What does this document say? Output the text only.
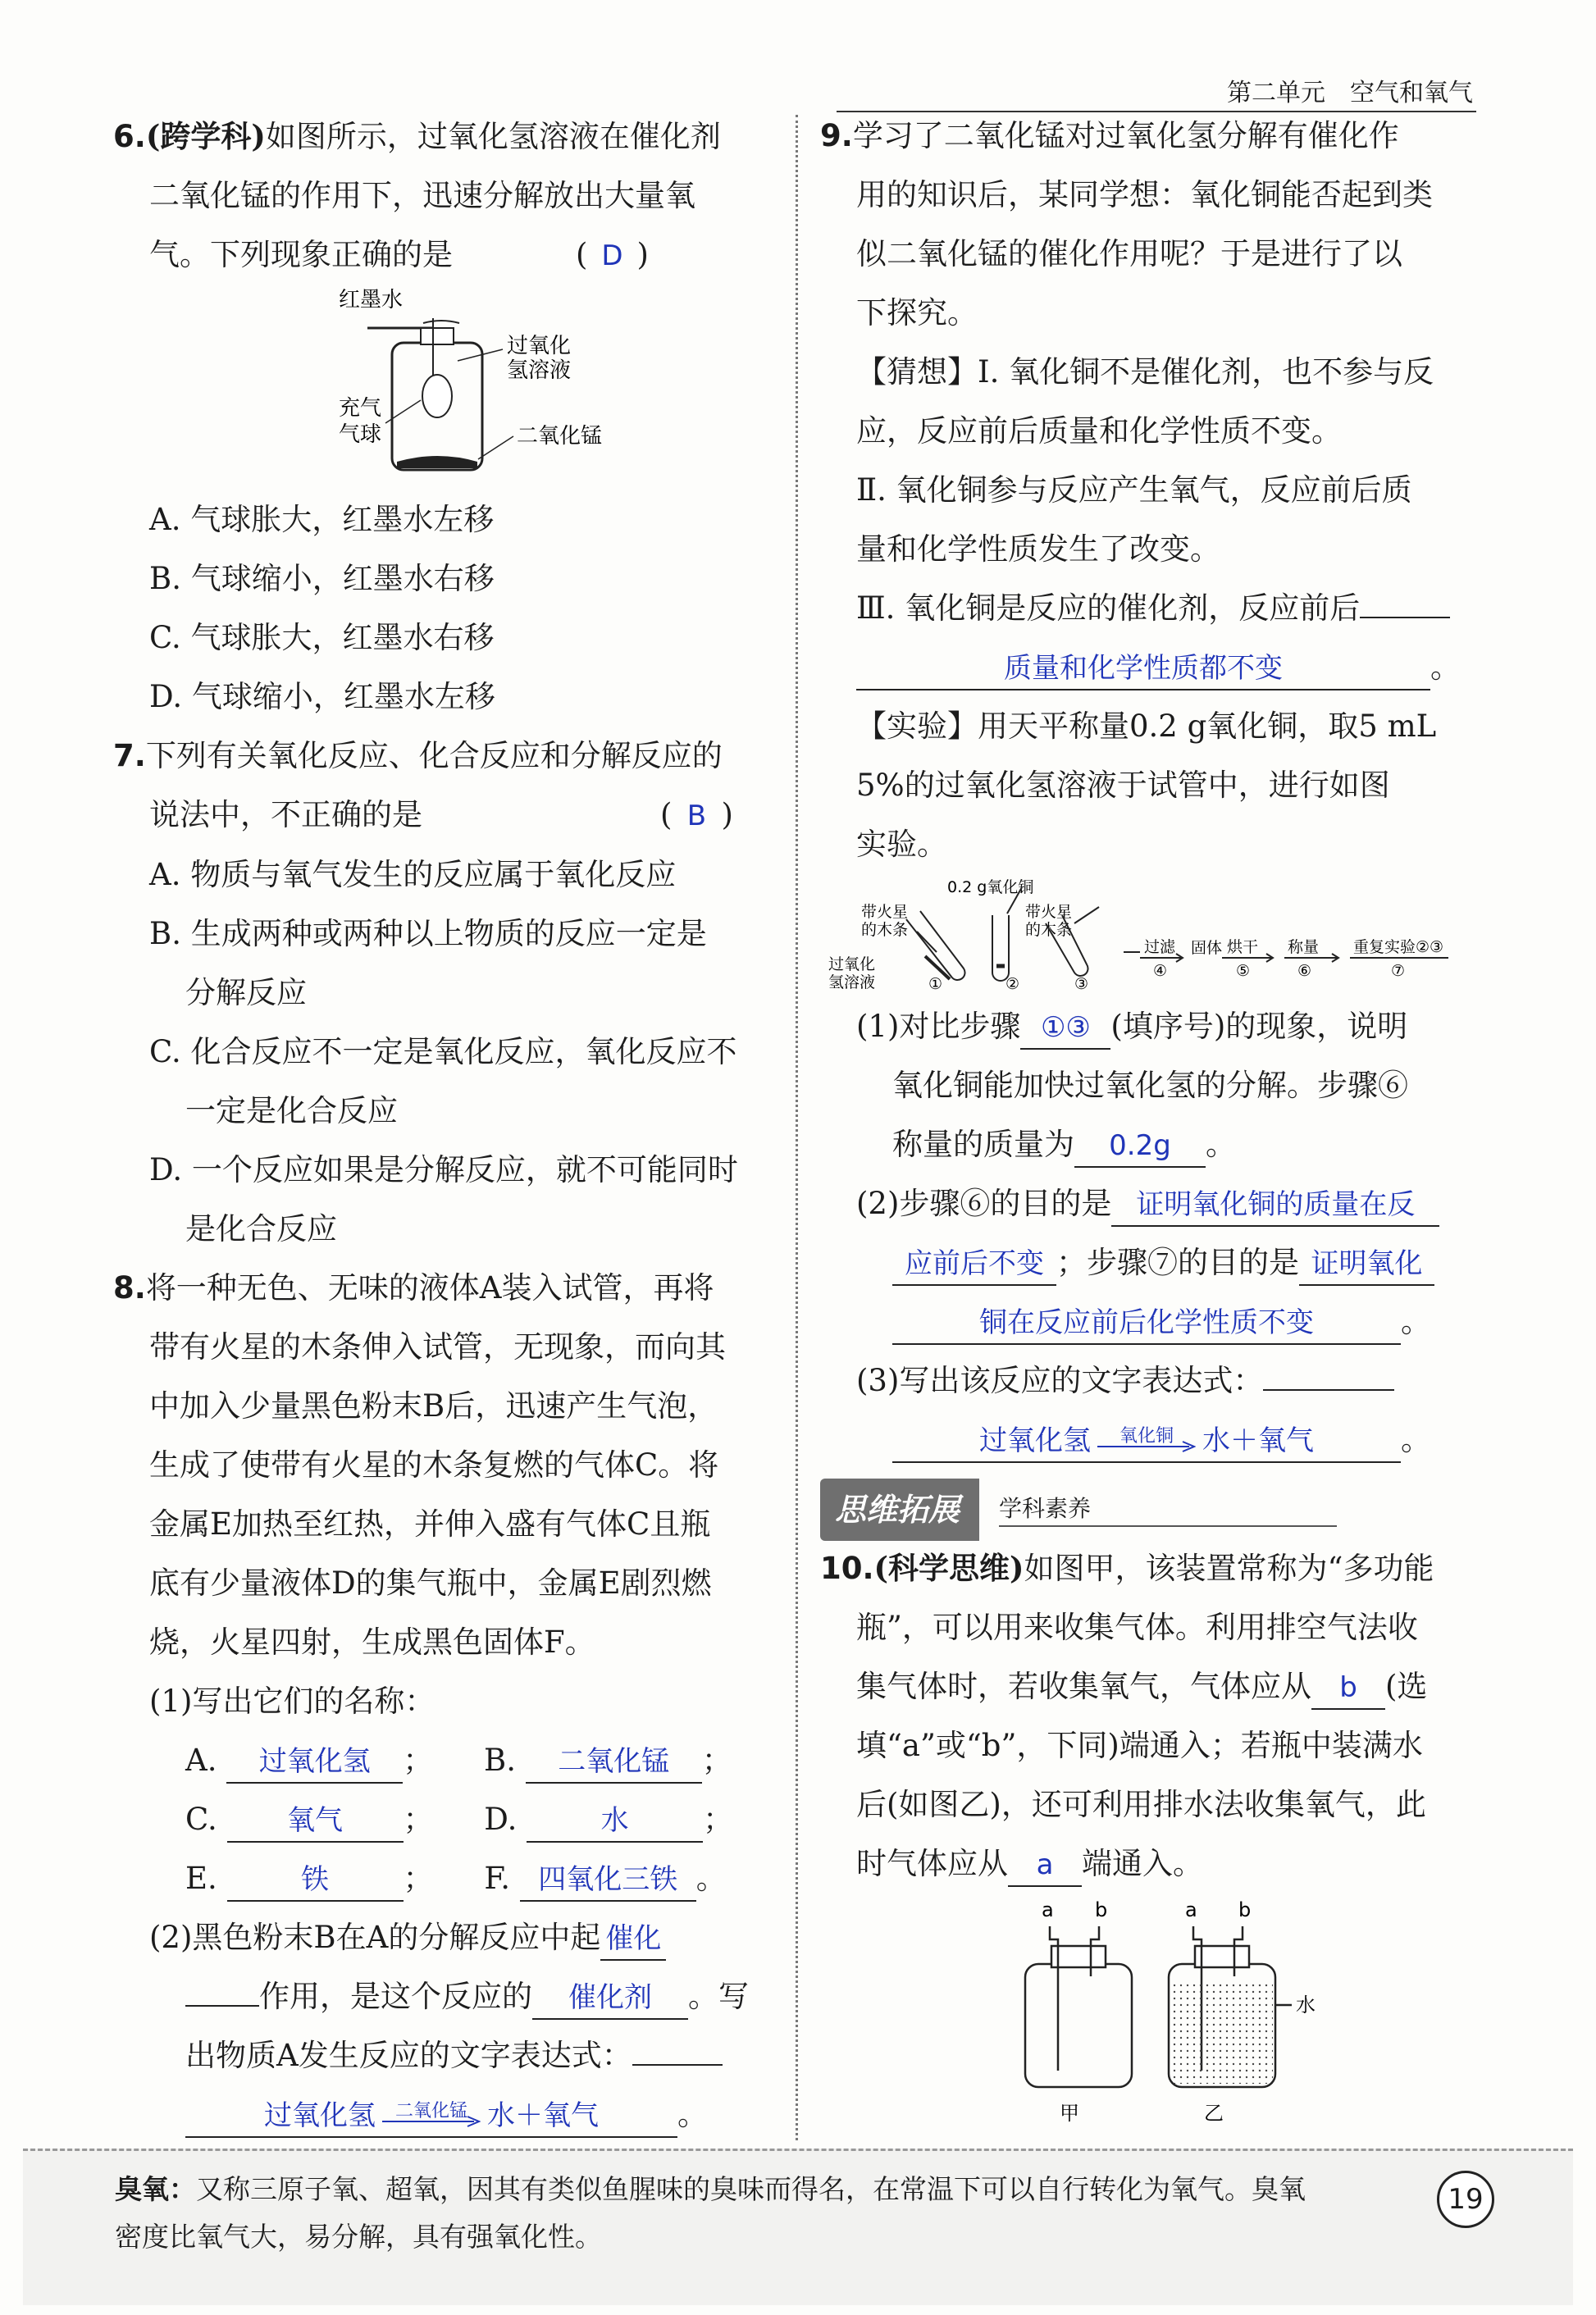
第二单元　空气和氧气

6.(跨学科)如图所示，过氧化氢溶液在催化剂

二氧化锰的作用下，迅速分解放出大量氧

气。下列现象正确的是	( D )

红墨水
过氧化
氢溶液
充气
气球	二氧化锰

A. 气球胀大，红墨水左移

B. 气球缩小，红墨水右移

C. 气球胀大，红墨水右移

D. 气球缩小，红墨水左移

7.下列有关氧化反应、化合反应和分解反应的

说法中，不正确的是	( B )

A. 物质与氧气发生的反应属于氧化反应

B. 生成两种或两种以上物质的反应一定是

分解反应

C. 化合反应不一定是氧化反应，氧化反应不

一定是化合反应

D. 一个反应如果是分解反应，就不可能同时

是化合反应

8.将一种无色、无味的液体A装入试管，再将

带有火星的木条伸入试管，无现象，而向其

中加入少量黑色粉末B后，迅速产生气泡，

生成了使带有火星的木条复燃的气体C。将

金属E加热至红热，并伸入盛有气体C且瓶

底有少量液体D的集气瓶中，金属E剧烈燃

烧，火星四射，生成黑色固体F。

(1)写出它们的名称：

A. 过氧化氢 ； B. 二氧化锰 ；

C.	氧气 ； D.	水 ；

E.	铁 ； F. 四氧化三铁 。

(2)黑色粉末B在A的分解反应中起 催化

作用，是这个反应的 催化剂 。写

出物质A发生反应的文字表达式：

过氧化氢	二氧化锰 水＋氧气	。

9.学习了二氧化锰对过氧化氢分解有催化作

用的知识后，某同学想：氧化铜能否起到类

似二氧化锰的催化作用呢？于是进行了以

下探究。

【猜想】Ⅰ. 氧化铜不是催化剂，也不参与反

应，反应前后质量和化学性质不变。

Ⅱ. 氧化铜参与反应产生氧气，反应前后质

量和化学性质发生了改变。

Ⅲ. 氧化铜是反应的催化剂，反应前后

质量和化学性质都不变	。

【实验】用天平称量0.2 g氧化铜，取5 mL

5%的过氧化氢溶液于试管中，进行如图

实验。

0.2 g氧化铜
带火星
的木条
带火星
的木条
过氧化
氢溶液	①	②	③
过滤
④
固体 烘干
⑤
称量
⑥
重复实验②③
⑦

(1)对比步骤 ①③ (填序号)的现象，说明

氧化铜能加快过氧化氢的分解。步骤⑥

称量的质量为 0.2g 。

(2)步骤⑥的目的是 证明氧化铜的质量在反

应前后不变 ；步骤⑦的目的是 证明氧化

铜在反应前后化学性质不变	。

(3)写出该反应的文字表达式：

过氧化氢	氧化铜	水＋氧气	。

思维拓展	学科素养

10.(科学思维)如图甲，该装置常称为“多功能

瓶”，可以用来收集气体。利用排空气法收

集气体时，若收集氧气，气体应从 b (选

填“a”或“b”，下同)端通入；若瓶中装满水

后(如图乙)，还可利用排水法收集氧气，此

时气体应从 a 端通入。

a b	a b
水
甲	乙
臭氧：又称三原子氧、超氧，因其有类似鱼腥味的臭味而得名，在常温下可以自行转化为氧气。臭氧
密度比氧气大，易分解，具有强氧化性。
19
